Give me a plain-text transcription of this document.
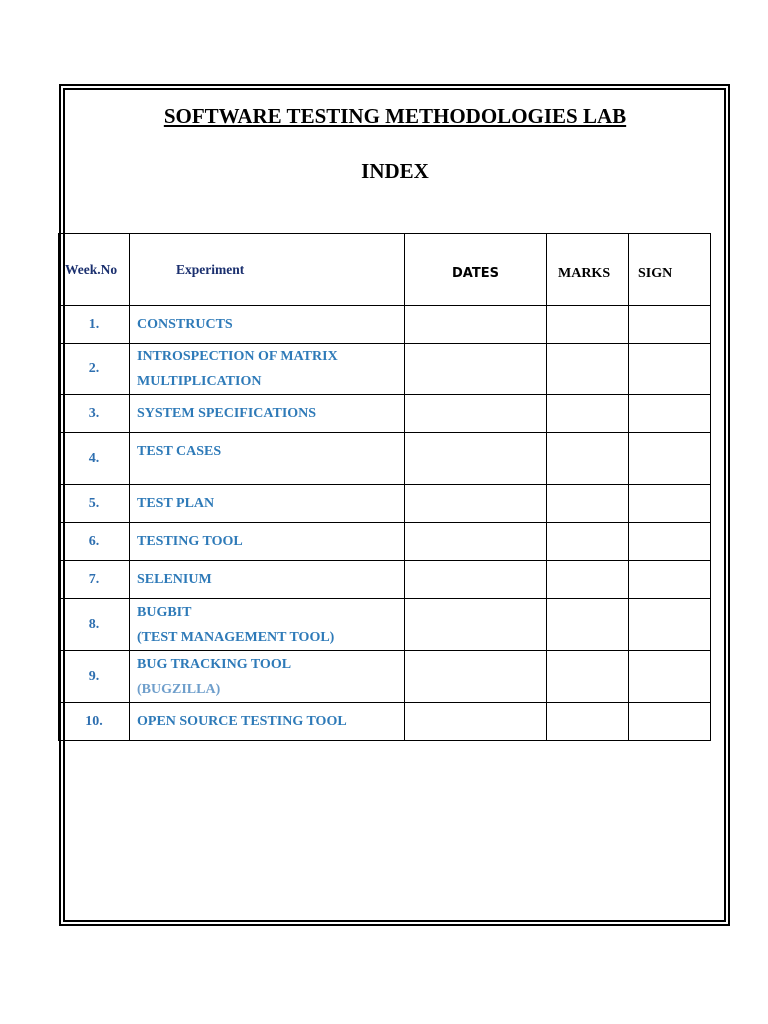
SOFTWARE TESTING METHODOLOGIES LAB
INDEX
Week.No	Experiment	DATES	MARKS	SIGN
1.	CONSTRUCTS			
2.	INTROSPECTION OF MATRIX
MULTIPLICATION			

3.	SYSTEM SPECIFICATIONS			
4.	TEST CASES			
5.	TEST PLAN			
6.	TESTING TOOL			
7.	SELENIUM			
8.	BUGBIT
(TEST MANAGEMENT TOOL)			

9.	BUG TRACKING TOOL
(BUGZILLA)			

10.	OPEN SOURCE TESTING TOOL			
